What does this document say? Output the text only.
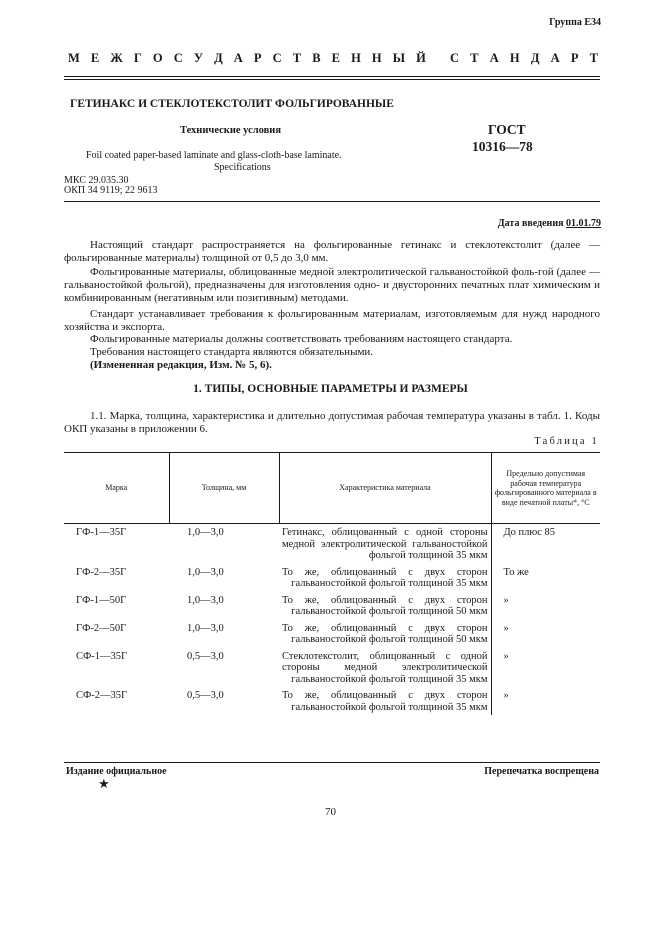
Группа Е34
М Е Ж Г О С У Д А Р С Т В Е Н Н Ы Й С Т А Н Д А Р Т
ГЕТИНАКС И СТЕКЛОТЕКСТОЛИТ ФОЛЬГИРОВАННЫЕ
Технические условия	ГОСТ
10316—78
Foil coated paper-based laminate and glass-cloth-base laminate.
Specifications
МКС 29.035.30
ОКП 34 9119; 22 9613
Дата введения 01.01.79
Настоящий стандарт распространяется на фольгированные гетинакс и стеклотекстолит (далее — фольгированные материалы) толщиной от 0,5 до 3,0 мм.
Фольгированные материалы, облицованные медной электролитической гальваностойкой фоль-гой (далее — гальваностойкой фольгой), предназначены для изготовления одно- и двусторонних печатных плат химическим и комбинированным (негативным или позитивным) методами.
Стандарт устанавливает требования к фольгированным материалам, изготовляемым для нужд народного хозяйства и экспорта.
Фольгированные материалы должны соответствовать требованиям настоящего стандарта.
Требования настоящего стандарта являются обязательными.
(Измененная редакция, Изм. № 5, 6).
1. ТИПЫ, ОСНОВНЫЕ ПАРАМЕТРЫ И РАЗМЕРЫ
1.1. Марка, толщина, характеристика и длительно допустимая рабочая температура указаны в табл. 1. Коды ОКП указаны в приложении 6.
Таблица 1
Марка	Толщина, мм	Характеристика материала	Предельно допустимая рабочая температура фольгированного материала в виде печатной платы*, °С
ГФ-1—35Г	1,0—3,0	Гетинакс, облицованный с одной стороны медной электролитической гальваностойкой фольгой толщиной 35 мкм	До плюс 85
ГФ-2—35Г	1,0—3,0	То же, облицованный с двух сторон гальваностойкой фольгой толщиной 35 мкм	То же
ГФ-1—50Г	1,0—3,0	То же, облицованный с двух сторон гальваностойкой фольгой толщиной 50 мкм	»
ГФ-2—50Г	1,0—3,0	То же, облицованный с двух сторон гальваностойкой фольгой толщиной 50 мкм	»
СФ-1—35Г	0,5—3,0	Стеклотекстолит, облицованный с одной стороны медной электролитической гальваностойкой фольгой толщиной 35 мкм	»
СФ-2—35Г	0,5—3,0	То же, облицованный с двух сторон гальваностойкой фольгой толщиной 35 мкм	»
Издание официальное
★
Перепечатка воспрещена
70
